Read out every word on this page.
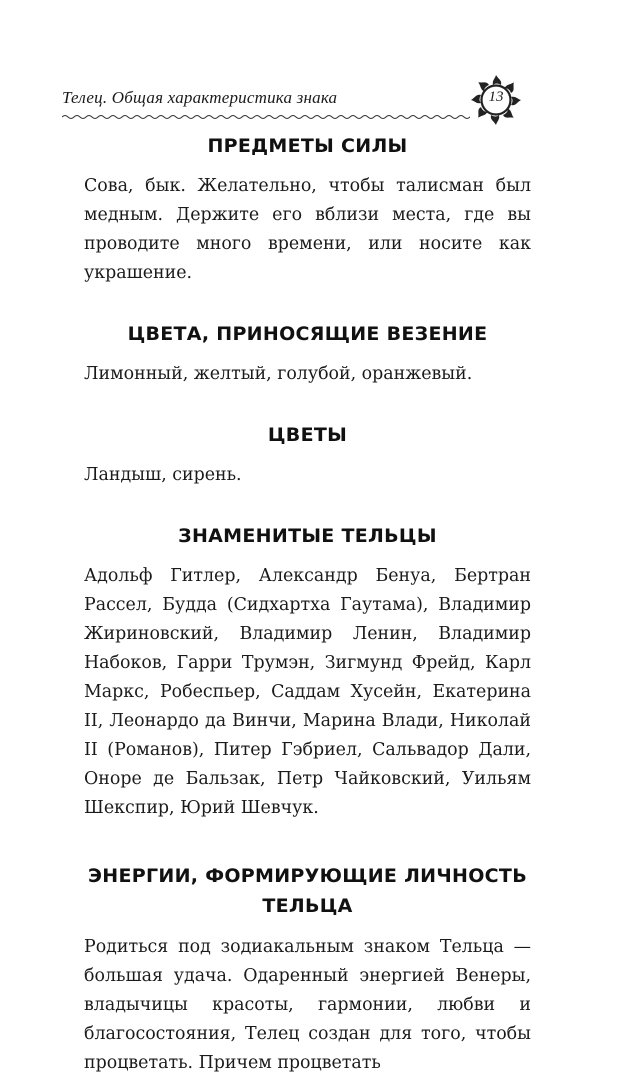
Телец. Общая характеристика знака	13
ПРЕДМЕТЫ СИЛЫ

Сова, бык. Желательно, чтобы талисман был медным. Держите его вблизи места, где вы проводите много времени, или носите как украшение.

ЦВЕТА, ПРИНОСЯЩИЕ ВЕЗЕНИЕ

Лимонный, желтый, голубой, оранжевый.

ЦВЕТЫ

Ландыш, сирень.

ЗНАМЕНИТЫЕ ТЕЛЬЦЫ

Адольф Гитлер, Александр Бенуа, Бертран Рассел, Будда (Сидхартха Гаутама), Владимир Жириновский, Владимир Ленин, Владимир Набоков, Гарри Трумэн, Зигмунд Фрейд, Карл Маркс, Робеспьер, Саддам Хусейн, Екатерина II, Леонардо да Винчи, Марина Влади, Николай II (Романов), Питер Гэбриел, Сальвадор Дали, Оноре де Бальзак, Петр Чайковский, Уильям Шекспир, Юрий Шевчук.

ЭНЕРГИИ, ФОРМИРУЮЩИЕ ЛИЧНОСТЬ ТЕЛЬЦА

Родиться под зодиакальным знаком Тельца — большая удача. Одаренный энергией Венеры, владычицы красоты, гармонии, любви и благосостояния, Телец создан для того, чтобы процветать. Причем процветать
